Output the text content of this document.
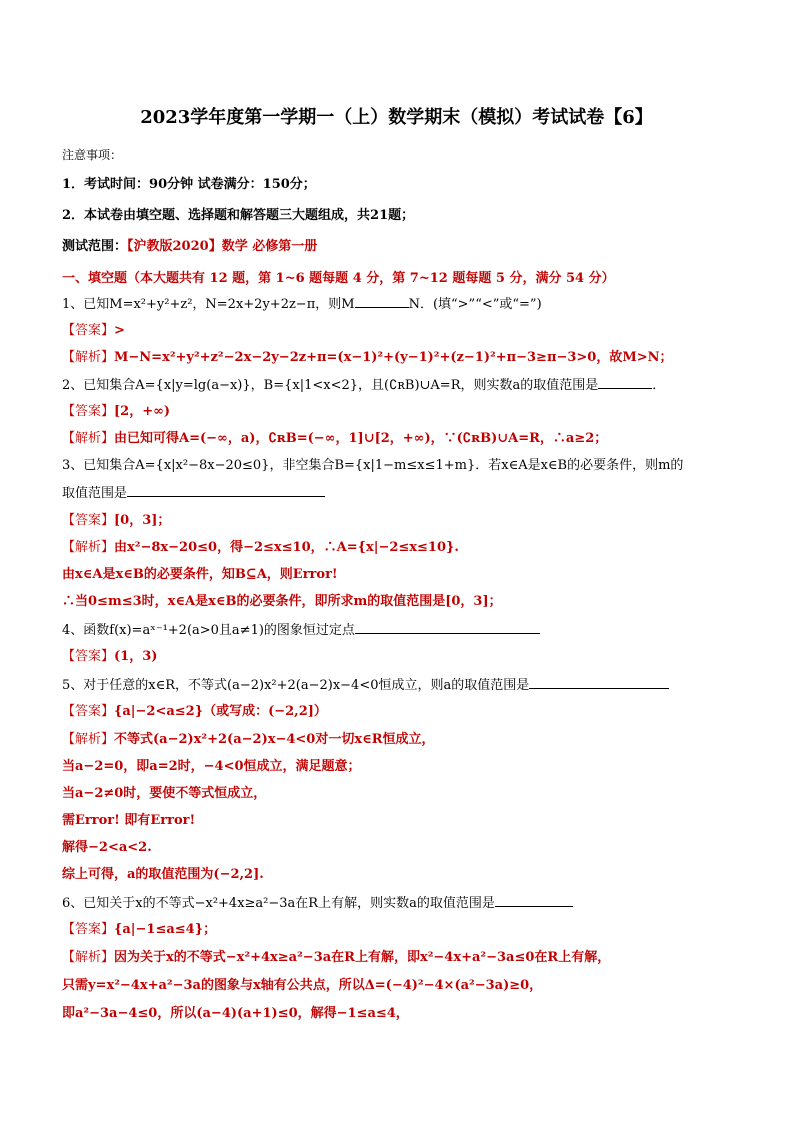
2023学年度第一学期一（上）数学期末（模拟）考试试卷【6】
注意事项：
1．考试时间：90分钟 试卷满分：150分；
2．本试卷由填空题、选择题和解答题三大题组成，共21题；
测试范围：【沪教版2020】数学 必修第一册
一、填空题（本大题共有 12 题，第 1~6 题每题 4 分，第 7~12 题每题 5 分，满分 54 分）
1、已知M=x²+y²+z²，N=2x+2y+2z−π，则M	N．(填“>”“<”或“=”)
【答案】>
【解析】M−N=x²+y²+z²−2x−2y−2z+π=(x−1)²+(y−1)²+(z−1)²+π−3≥π−3>0，故M>N；
2、已知集合A={x|y=lg(a−x)}，B={x|1<x<2}，且(∁ʀB)∪A=R，则实数a的取值范围是	．
【答案】[2，+∞)
【解析】由已知可得A=(−∞，a)，∁ʀB=(−∞，1]∪[2，+∞)，∵(∁ʀB)∪A=R，∴a≥2；
3、已知集合A={x|x²−8x−20≤0}，非空集合B={x|1−m≤x≤1+m}．若x∈A是x∈B的必要条件，则m的
取值范围是
【答案】[0，3]；
【解析】由x²−8x−20≤0，得−2≤x≤10，∴A={x|−2≤x≤10}.
由x∈A是x∈B的必要条件，知B⊆A，则Error!
∴当0≤m≤3时，x∈A是x∈B的必要条件，即所求m的取值范围是[0，3]；
4、函数f(x)=aˣ⁻¹+2(a>0且a≠1)的图象恒过定点
【答案】(1，3)
5、对于任意的x∈R，不等式(a−2)x²+2(a−2)x−4<0恒成立，则a的取值范围是
【答案】{a|−2<a≤2}（或写成：(−2,2]）
【解析】不等式(a−2)x²+2(a−2)x−4<0对一切x∈R恒成立，
当a−2=0，即a=2时，−4<0恒成立，满足题意；
当a−2≠0时，要使不等式恒成立，
需Error! 即有Error!
解得−2<a<2.
综上可得，a的取值范围为(−2,2].
6、已知关于x的不等式−x²+4x≥a²−3a在R上有解，则实数a的取值范围是
【答案】{a|−1≤a≤4}；
【解析】因为关于x的不等式−x²+4x≥a²−3a在R上有解，即x²−4x+a²−3a≤0在R上有解，
只需y=x²−4x+a²−3a的图象与x轴有公共点，所以Δ=(−4)²−4×(a²−3a)≥0，
即a²−3a−4≤0，所以(a−4)(a+1)≤0，解得−1≤a≤4，
